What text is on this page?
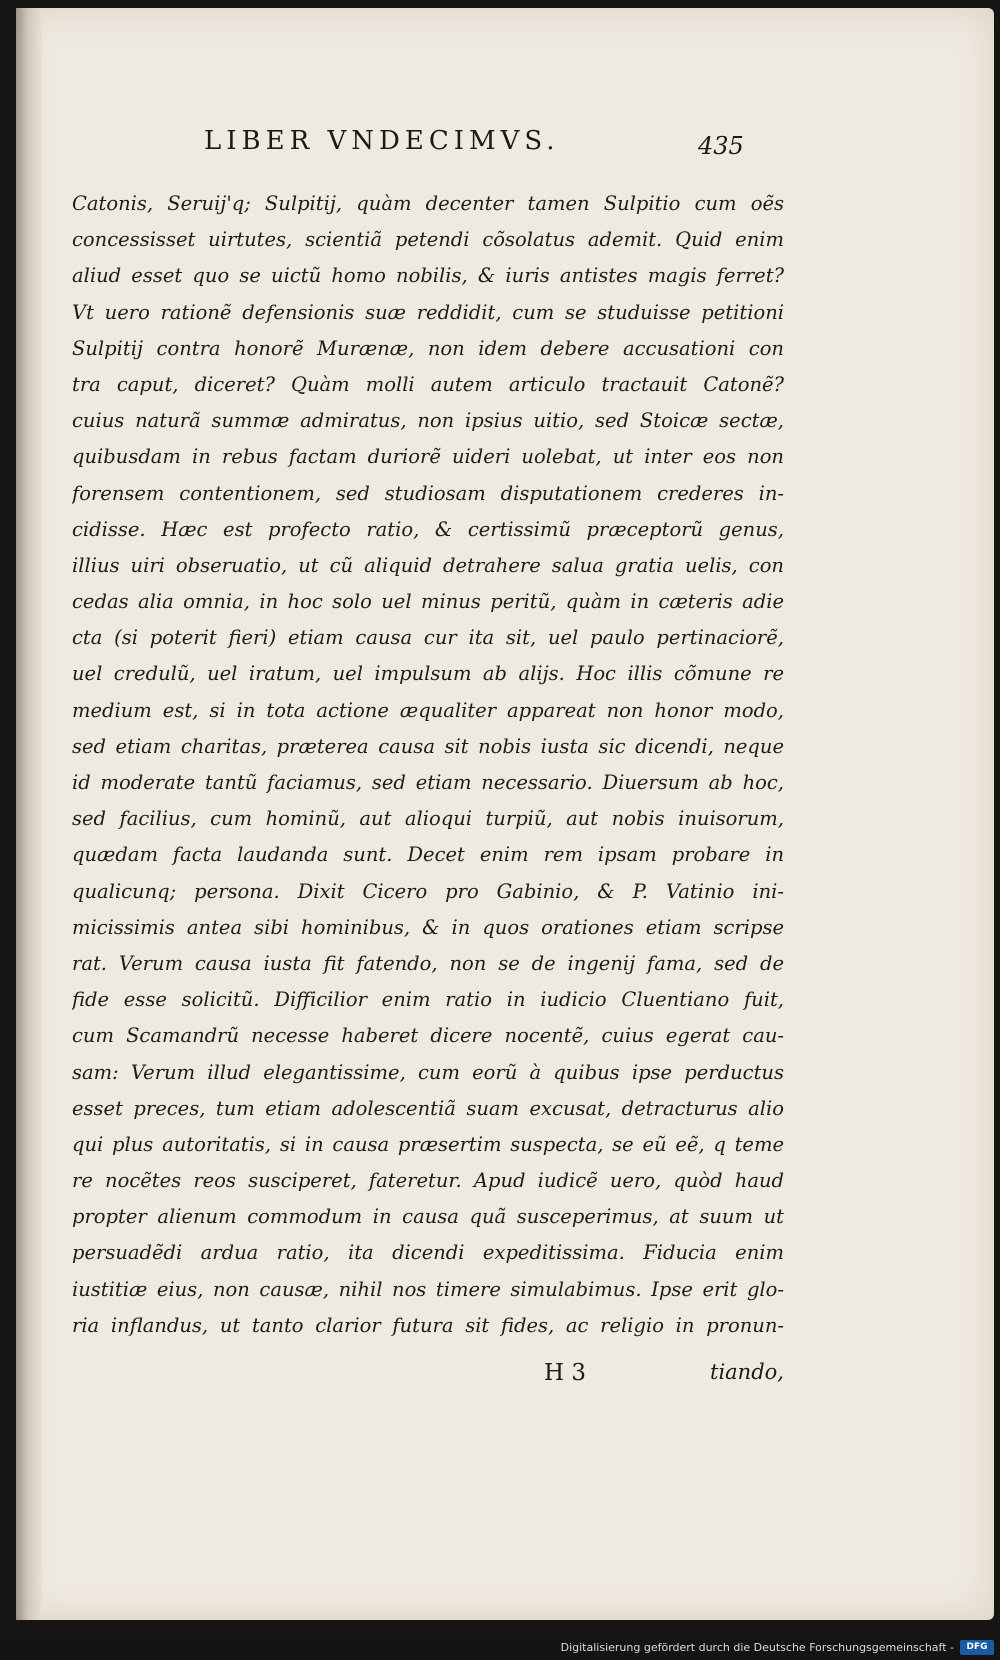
LIBER VNDECIMVS.	435
Catonis, Seruij'q; Sulpitij, quàm decenter tamen Sulpitio cum oẽs
concessisset uirtutes, scientiã petendi cõsolatus ademit. Quid enim
aliud esset quo se uictũ homo nobilis, & iuris antistes magis ferret?
Vt uero rationẽ defensionis suæ reddidit, cum se studuisse petitioni
Sulpitij contra honorẽ Murænæ, non idem debere accusationi con
tra caput, diceret? Quàm molli autem articulo tractauit Catonẽ?
cuius naturã summæ admiratus, non ipsius uitio, sed Stoicæ sectæ,
quibusdam in rebus factam duriorẽ uideri uolebat, ut inter eos non
forensem contentionem, sed studiosam disputationem crederes in-
cidisse. Hæc est profecto ratio, & certissimũ præceptorũ genus,
illius uiri obseruatio, ut cũ aliquid detrahere salua gratia uelis, con
cedas alia omnia, in hoc solo uel minus peritũ, quàm in cæteris adie
cta (si poterit fieri) etiam causa cur ita sit, uel paulo pertinaciorẽ,
uel credulũ, uel iratum, uel impulsum ab alijs. Hoc illis cõmune re
medium est, si in tota actione æqualiter appareat non honor modo,
sed etiam charitas, præterea causa sit nobis iusta sic dicendi, neque
id moderate tantũ faciamus, sed etiam necessario. Diuersum ab hoc,
sed facilius, cum hominũ, aut alioqui turpiũ, aut nobis inuisorum,
quædam facta laudanda sunt. Decet enim rem ipsam probare in
qualicunq; persona. Dixit Cicero pro Gabinio, & P. Vatinio ini-
micissimis antea sibi hominibus, & in quos orationes etiam scripse
rat. Verum causa iusta fit fatendo, non se de ingenij fama, sed de
fide esse solicitũ. Difficilior enim ratio in iudicio Cluentiano fuit,
cum Scamandrũ necesse haberet dicere nocentẽ, cuius egerat cau-
sam: Verum illud elegantissime, cum eorũ à quibus ipse perductus
esset preces, tum etiam adolescentiã suam excusat, detracturus alio
qui plus autoritatis, si in causa præsertim suspecta, se eũ eẽ, q teme
re nocẽtes reos susciperet, fateretur. Apud iudicẽ uero, quòd haud
propter alienum commodum in causa quã susceperimus, at suum ut
persuadẽdi ardua ratio, ita dicendi expeditissima. Fiducia enim
iustitiæ eius, non causæ, nihil nos timere simulabimus. Ipse erit glo-
ria inflandus, ut tanto clarior futura sit fides, ac religio in pronun-
H 3	tiando,
Digitalisierung gefördert durch die Deutsche Forschungsgemeinschaft -	DFG
